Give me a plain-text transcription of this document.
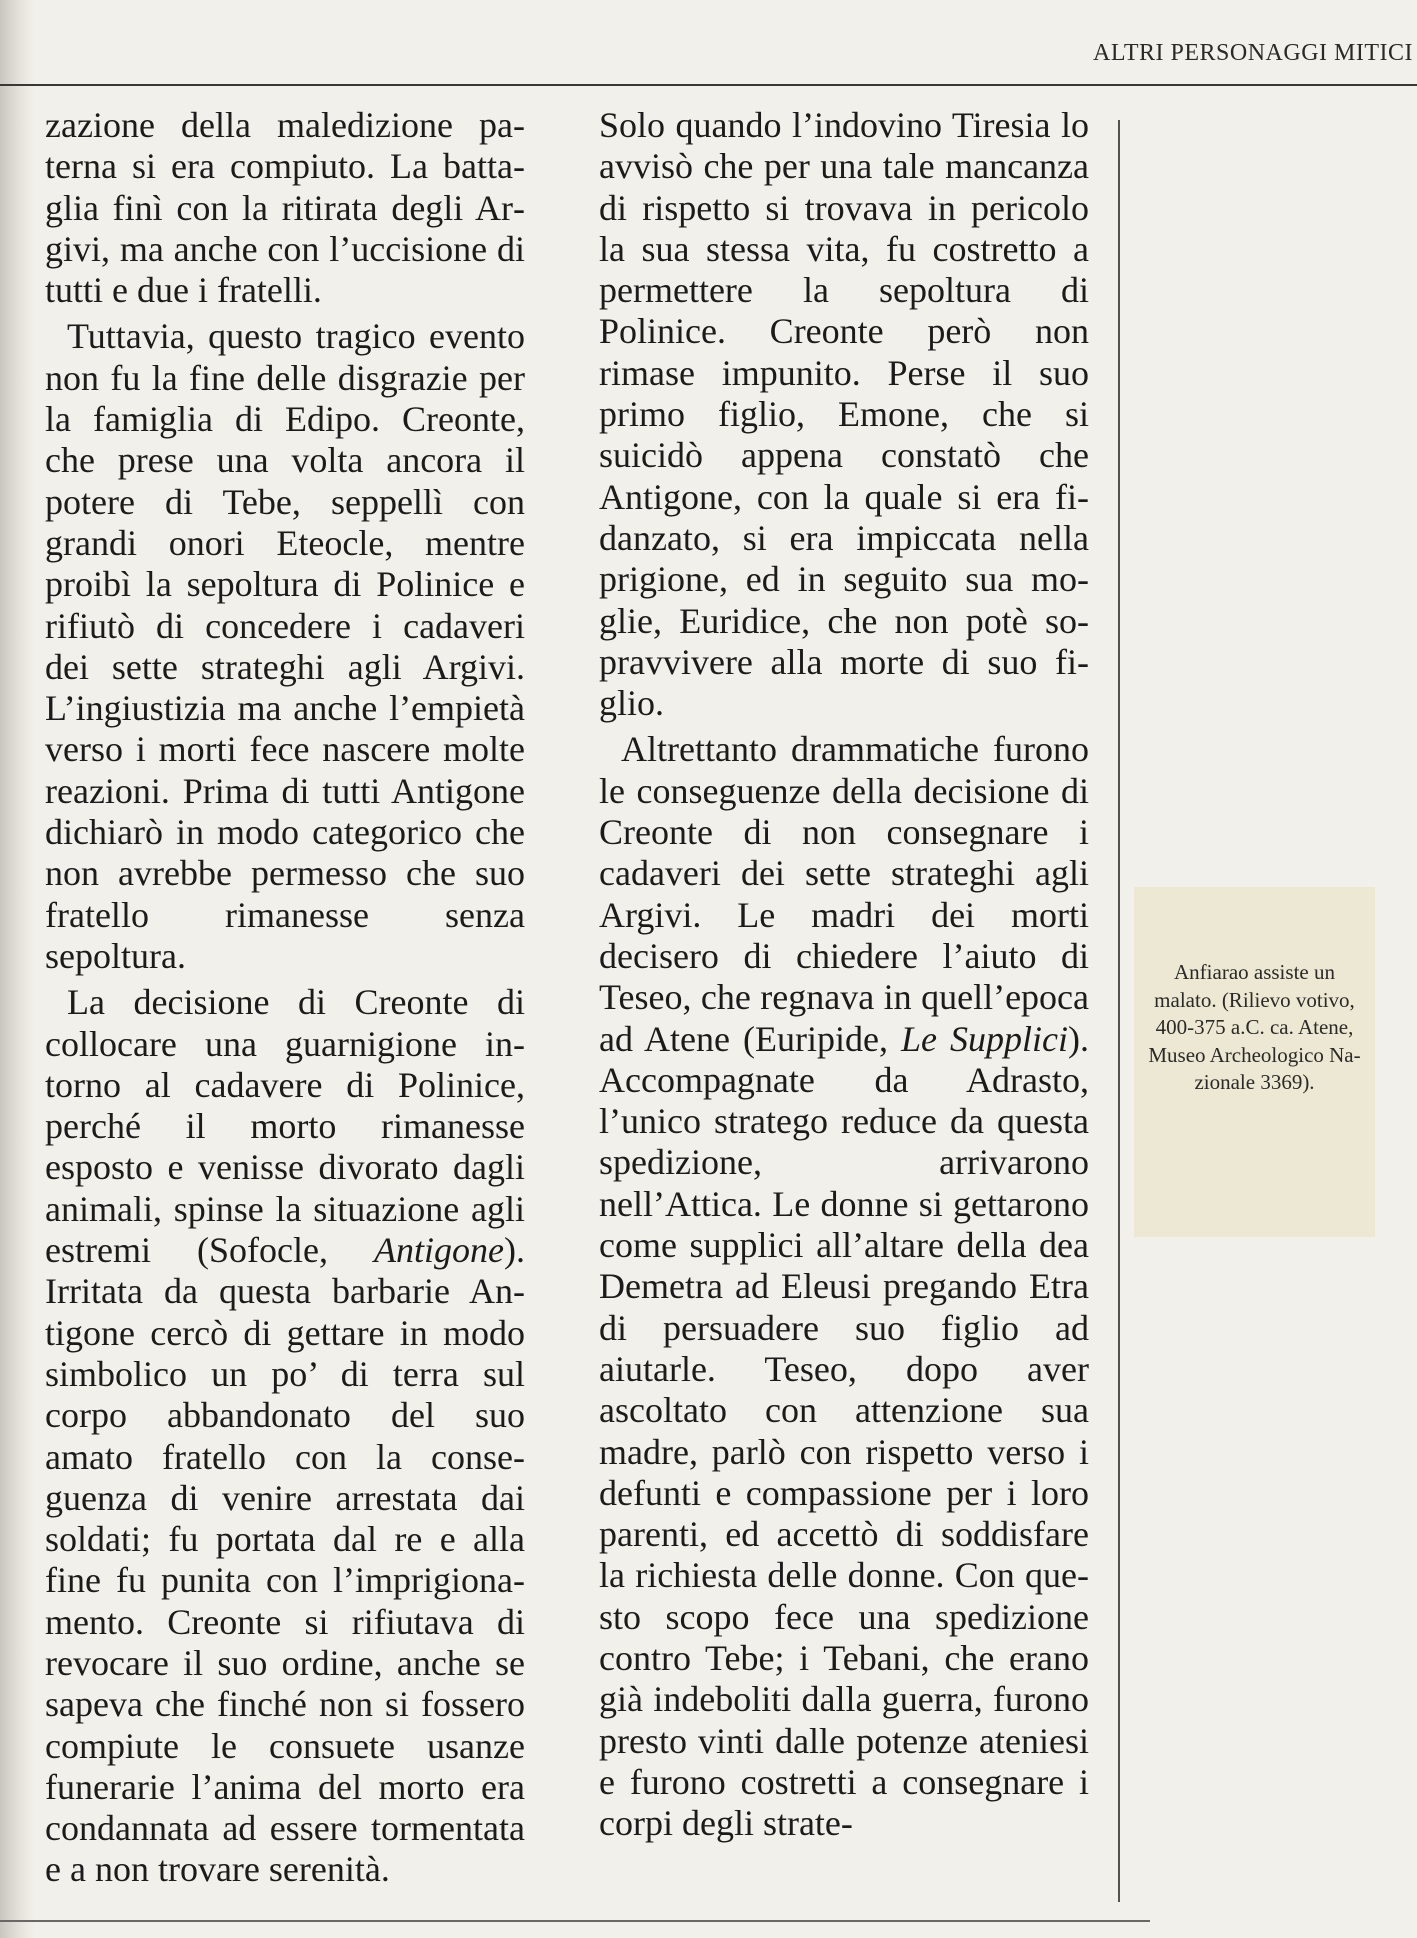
ALTRI PERSONAGGI MITICI

zazione della maledizione paterna si era compiuto. La battaglia finì con la ritirata degli Argivi, ma anche con l’uccisione di tutti e due i fratelli.

Tuttavia, questo tragico evento non fu la fine delle disgrazie per la famiglia di Edipo. Creonte, che prese una volta ancora il potere di Tebe, seppellì con grandi onori Eteocle, mentre proibì la sepoltura di Polinice e rifiutò di concedere i cadaveri dei sette strateghi agli Argivi. L’ingiustizia ma anche l’empietà verso i morti fece nascere molte reazioni. Prima di tutti Antigone dichiarò in modo categorico che non avrebbe permesso che suo fratello rimanesse senza sepoltura.

La decisione di Creonte di collocare una guarnigione intorno al cadavere di Polinice, perché il morto rimanesse esposto e venisse divorato dagli animali, spinse la situazione agli estremi (Sofocle, Antigone). Irritata da questa barbarie Antigone cercò di gettare in modo simbolico un po’ di terra sul corpo abbandonato del suo amato fratello con la conseguenza di venire arrestata dai soldati; fu portata dal re e alla fine fu punita con l’imprigionamento. Creonte si rifiutava di revocare il suo ordine, anche se sapeva che finché non si fossero compiute le consuete usanze funerarie l’anima del morto era condannata ad essere tormentata e a non trovare serenità.

Solo quando l’indovino Tiresia lo avvisò che per una tale mancanza di rispetto si trovava in pericolo la sua stessa vita, fu costretto a permettere la sepoltura di Polinice. Creonte però non rimase impunito. Perse il suo primo figlio, Emone, che si suicidò appena constatò che Antigone, con la quale si era fidanzato, si era impiccata nella prigione, ed in seguito sua moglie, Euridice, che non potè sopravvivere alla morte di suo figlio.

Altrettanto drammatiche furono le conseguenze della decisione di Creonte di non consegnare i cadaveri dei sette strateghi agli Argivi. Le madri dei morti decisero di chiedere l’aiuto di Teseo, che regnava in quell’epoca ad Atene (Euripide, Le Supplici). Accompagnate da Adrasto, l’unico stratego reduce da questa spedizione, arrivarono nell’Attica. Le donne si gettarono come supplici all’altare della dea Demetra ad Eleusi pregando Etra di persuadere suo figlio ad aiutarle. Teseo, dopo aver ascoltato con attenzione sua madre, parlò con rispetto verso i defunti e compassione per i loro parenti, ed accettò di soddisfare la richiesta delle donne. Con questo scopo fece una spedizione contro Tebe; i Tebani, che erano già indeboliti dalla guerra, furono presto vinti dalle potenze ateniesi e furono costretti a consegnare i corpi degli strate-

Anfiarao assiste un malato. (Rilievo votivo, 400-375 a.C. ca. Atene, Museo Archeologico Nazionale 3369).
